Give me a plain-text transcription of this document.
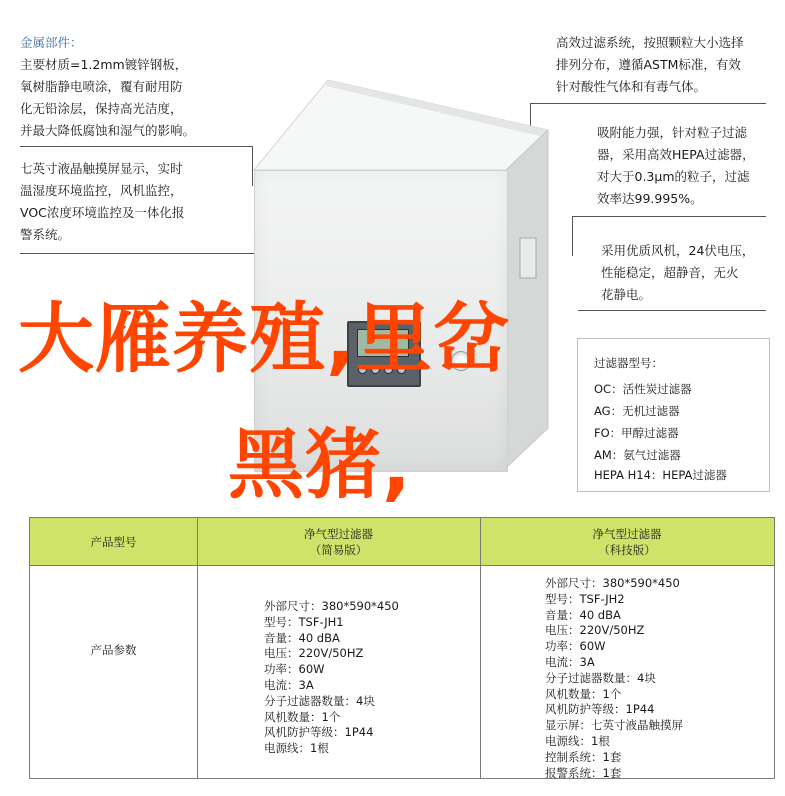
金属部件：
主要材质=1.2mm镀锌钢板，
氧树脂静电喷涂，覆有耐用防
化无铅涂层，保持高光洁度，
并最大降低腐蚀和湿气的影响。
七英寸液晶触摸屏显示，实时
温湿度环境监控，风机监控，
VOC浓度环境监控及一体化报
警系统。
高效过滤系统，按照颗粒大小选择
排列分布，遵循ASTM标准，有效
针对酸性气体和有毒气体。
吸附能力强，针对粒子过滤
器，采用高效HEPA过滤器，
对大于0.3μm的粒子，过滤
效率达99.995%。
采用优质风机，24伏电压，
性能稳定，超静音，无火
花静电。
过滤器型号：
OC：活性炭过滤器
AG：无机过滤器
FO：甲醇过滤器
AM：氨气过滤器
HEPA H14：HEPA过滤器
大雁养殖,里岔
黑猪,
产品型号
净气型过滤器
（简易版）
净气型过滤器
（科技版）
产品参数
外部尺寸：380*590*450
型号：TSF-JH1
音量：40 dBA
电压：220V/50HZ
功率：60W
电流：3A
分子过滤器数量：4块
风机数量：1个
风机防护等级：1P44
电源线：1根
外部尺寸：380*590*450
型号：TSF-JH2
音量：40 dBA
电压：220V/50HZ
功率：60W
电流：3A
分子过滤器数量：4块
风机数量：1个
风机防护等级：1P44
显示屏：七英寸液晶触摸屏
电源线：1根
控制系统：1套
报警系统：1套
